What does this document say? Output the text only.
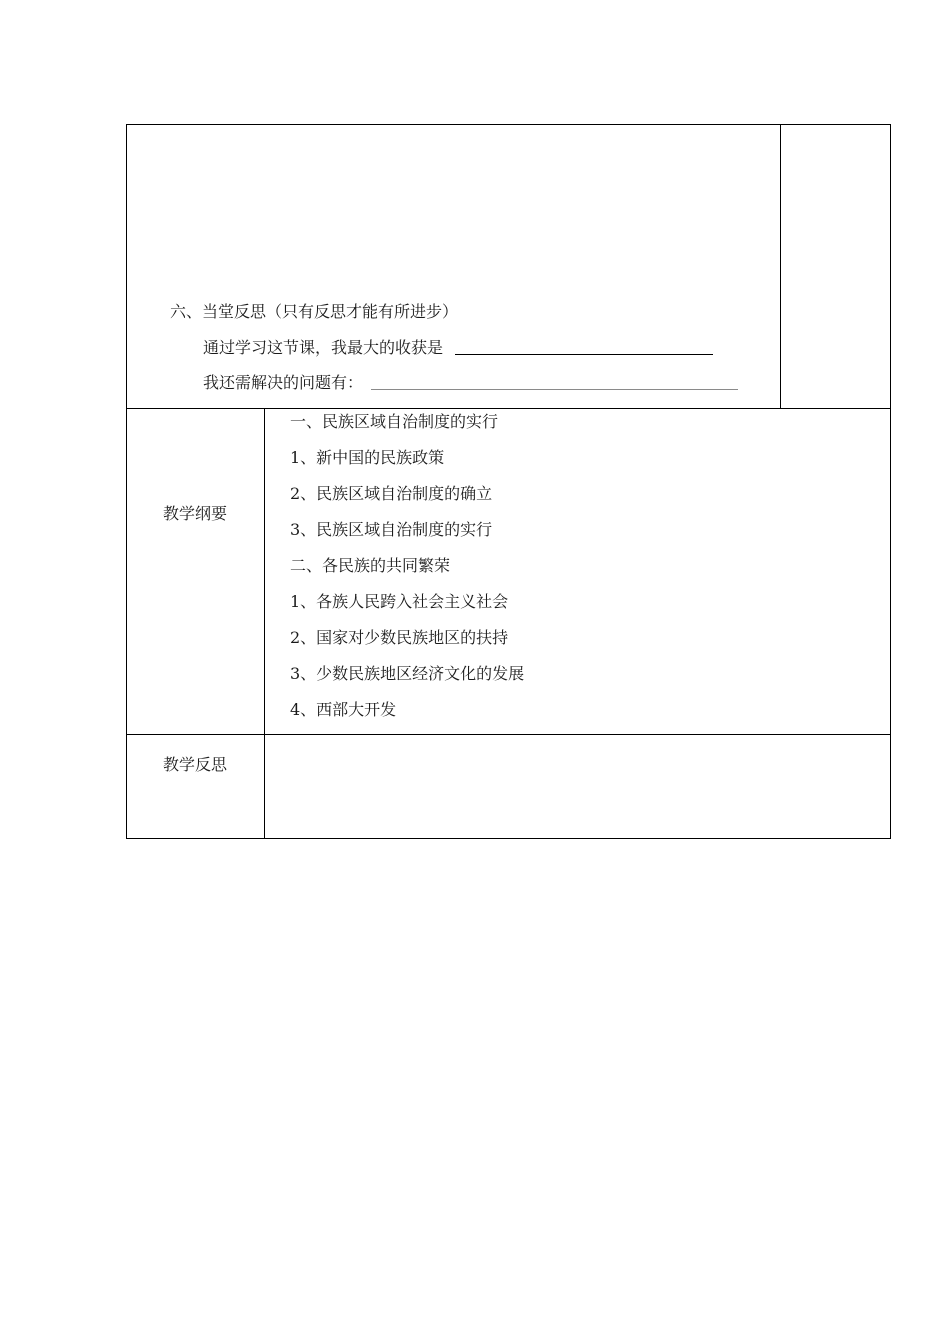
六、当堂反思（只有反思才能有所进步）
通过学习这节课，我最大的收获是
我还需解决的问题有：
教学纲要
一、民族区域自治制度的实行
1、新中国的民族政策
2、民族区域自治制度的确立
3、民族区域自治制度的实行
二、各民族的共同繁荣
1、各族人民跨入社会主义社会
2、国家对少数民族地区的扶持
3、少数民族地区经济文化的发展
4、西部大开发
教学反思
